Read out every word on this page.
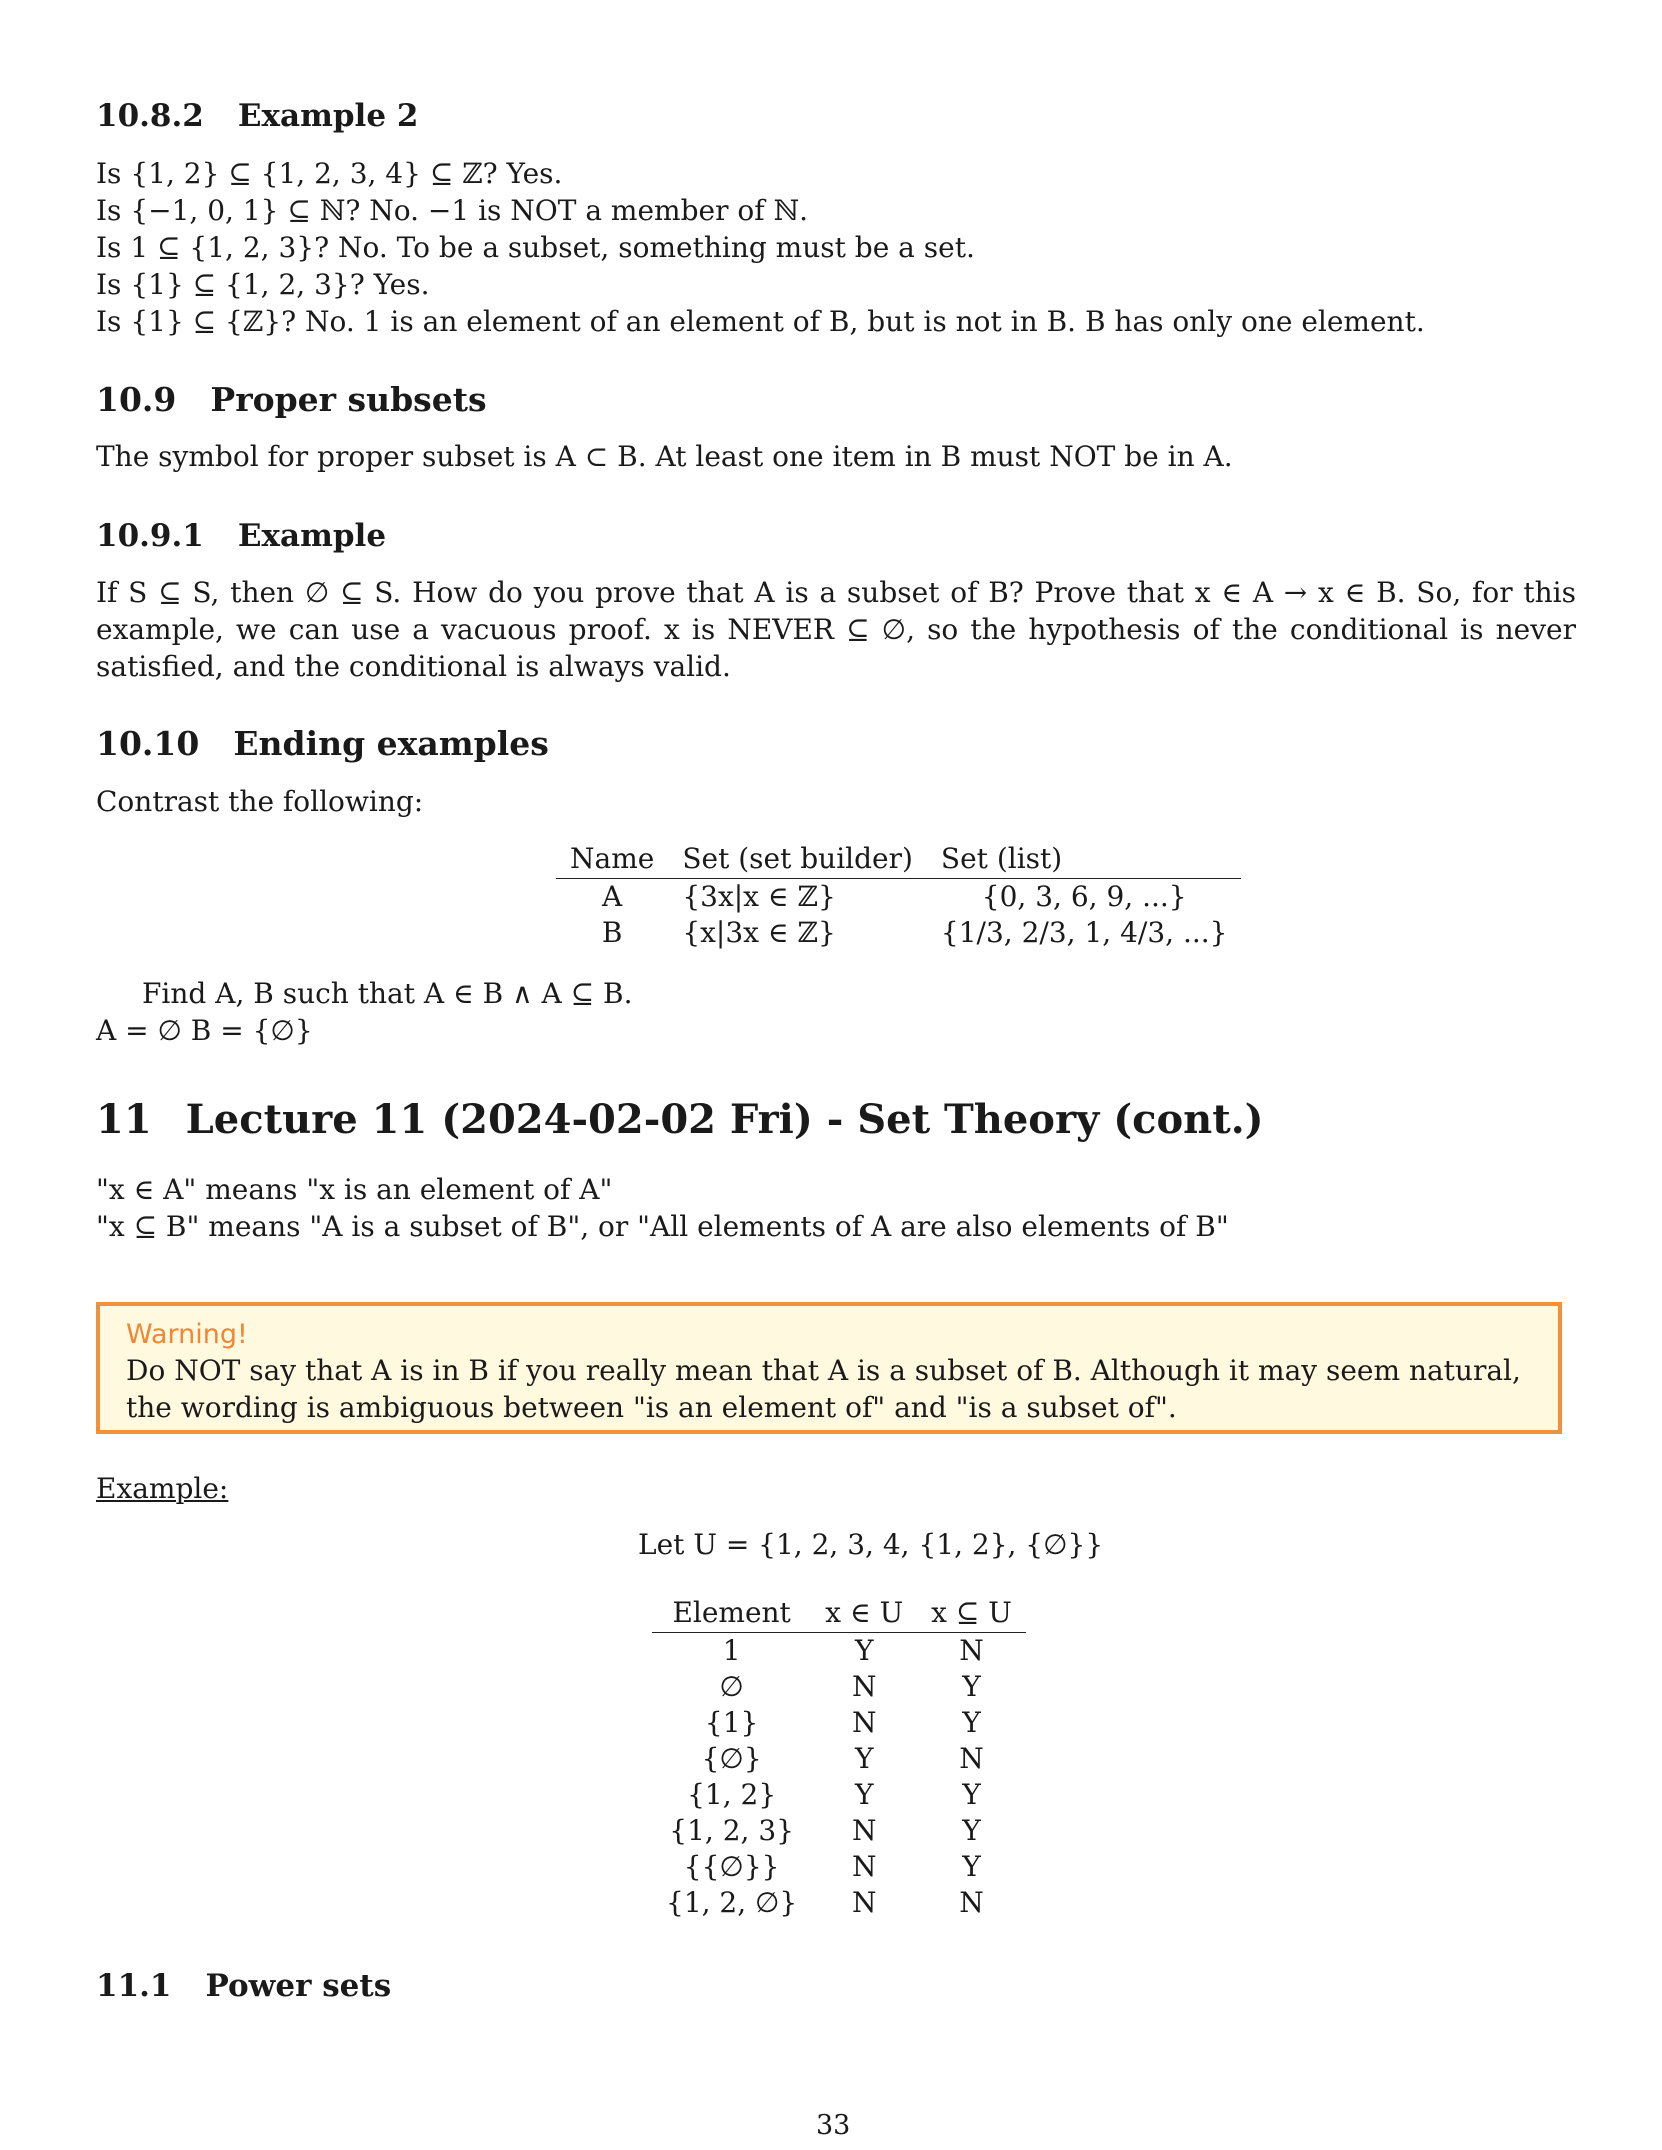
10.8.2 Example 2
Is {1, 2} ⊆ {1, 2, 3, 4} ⊆ ℤ? Yes.
Is {−1, 0, 1} ⊆ ℕ? No. −1 is NOT a member of ℕ.
Is 1 ⊆ {1, 2, 3}? No. To be a subset, something must be a set.
Is {1} ⊆ {1, 2, 3}? Yes.
Is {1} ⊆ {ℤ}? No. 1 is an element of an element of B, but is not in B. B has only one element.
10.9 Proper subsets
The symbol for proper subset is A ⊂ B. At least one item in B must NOT be in A.
10.9.1 Example
If S ⊆ S, then ∅ ⊆ S. How do you prove that A is a subset of B? Prove that x ∈ A → x ∈ B. So, for this example, we can use a vacuous proof. x is NEVER ⊆ ∅, so the hypothesis of the conditional is never satisfied, and the conditional is always valid.
10.10 Ending examples
Contrast the following:
Name	Set (set builder)	Set (list)
A	{3x|x ∈ ℤ}	{0, 3, 6, 9, ...}
B	{x|3x ∈ ℤ}	{1/3, 2/3, 1, 4/3, ...}
Find A, B such that A ∈ B ∧ A ⊆ B.
A = ∅ B = {∅}
11 Lecture 11 (2024-02-02 Fri) - Set Theory (cont.)
"x ∈ A" means "x is an element of A"
"x ⊆ B" means "A is a subset of B", or "All elements of A are also elements of B"
Warning!
Do NOT say that A is in B if you really mean that A is a subset of B. Although it may seem natural, the wording is ambiguous between "is an element of" and "is a subset of".
Example:
Let U = {1, 2, 3, 4, {1, 2}, {∅}}
Element	x ∈ U	x ⊆ U
1	Y	N
∅	N	Y
{1}	N	Y
{∅}	Y	N
{1, 2}	Y	Y
{1, 2, 3}	N	Y
{{∅}}	N	Y
{1, 2, ∅}	N	N
11.1 Power sets
33
